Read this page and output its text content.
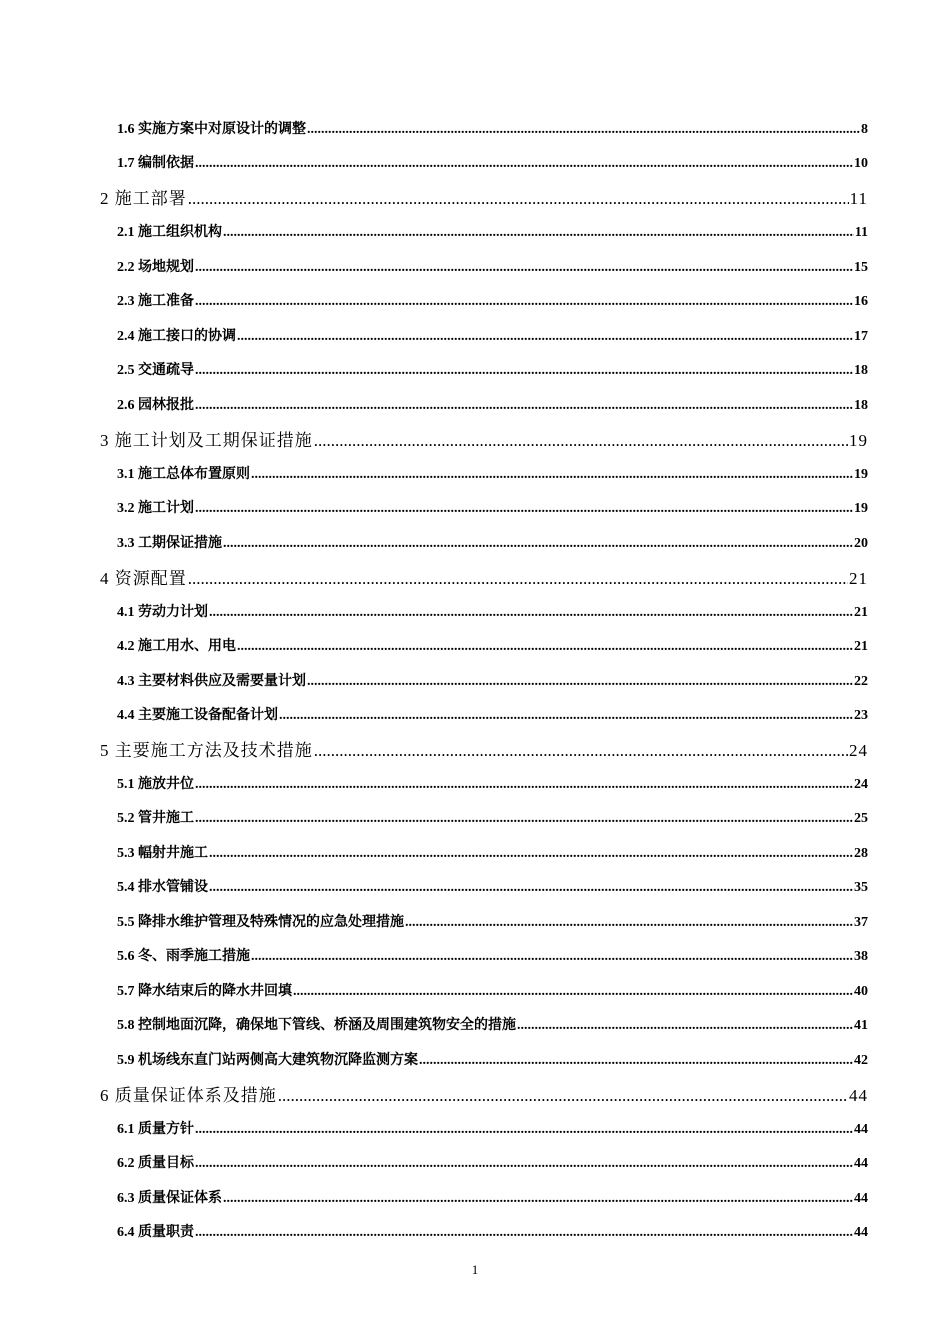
1.6 实施方案中对原设计的调整 .....	8
1.7 编制依据 .....	10
2 施工部署 .....	11
2.1 施工组织机构 .....	11
2.2 场地规划 .....	15
2.3 施工准备 .....	16
2.4 施工接口的协调 .....	17
2.5 交通疏导 .....	18
2.6 园林报批 .....	18
3 施工计划及工期保证措施 .....	19
3.1 施工总体布置原则 .....	19
3.2 施工计划 .....	19
3.3 工期保证措施 .....	20
4 资源配置 .....	21
4.1 劳动力计划 .....	21
4.2 施工用水、用电 .....	21
4.3 主要材料供应及需要量计划 .....	22
4.4 主要施工设备配备计划 .....	23
5 主要施工方法及技术措施 .....	24
5.1 施放井位 .....	24
5.2 管井施工 .....	25
5.3 幅射井施工 .....	28
5.4 排水管铺设 .....	35
5.5 降排水维护管理及特殊情况的应急处理措施 .....	37
5.6 冬、雨季施工措施 .....	38
5.7 降水结束后的降水井回填 .....	40
5.8 控制地面沉降，确保地下管线、桥涵及周围建筑物安全的措施 .....	41
5.9 机场线东直门站两侧高大建筑物沉降监测方案 .....	42
6 质量保证体系及措施 .....	44
6.1 质量方针 .....	44
6.2 质量目标 .....	44
6.3 质量保证体系 .....	44
6.4 质量职责 .....	44
1
